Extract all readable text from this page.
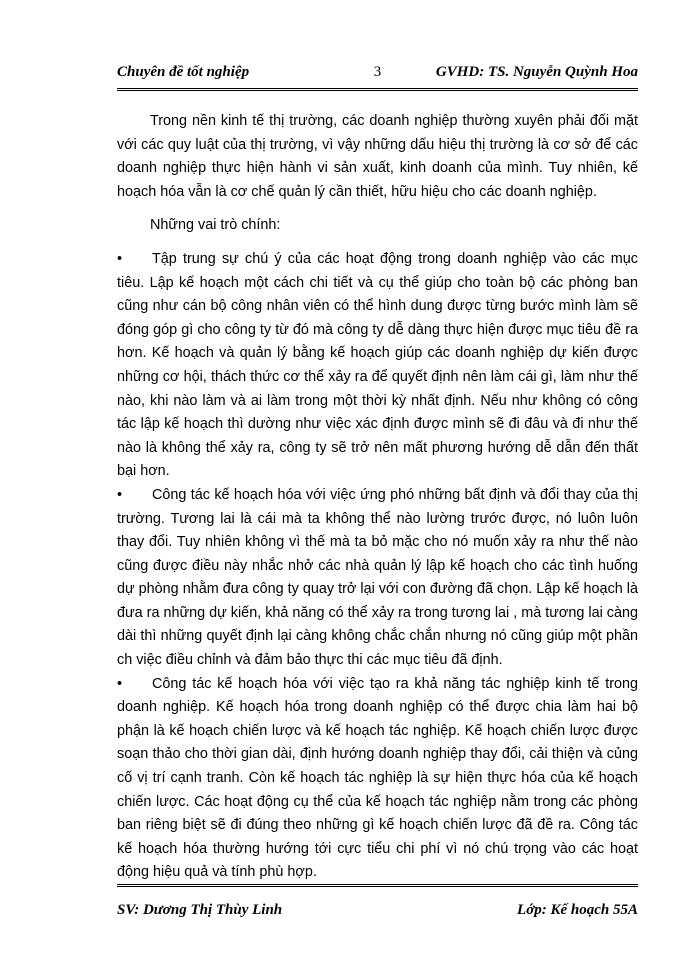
Chuyên đề tốt nghiệp	3	GVHD: TS. Nguyễn Quỳnh Hoa

Trong nền kinh tế thị trường, các doanh nghiệp thường xuyên phải đối mặt với các quy luật của thị trường, vì vậy những dấu hiệu thị trường là cơ sở để các doanh nghiệp thực hiện hành vi sản xuất, kinh doanh của mình. Tuy nhiên, kế hoạch hóa vẫn là cơ chế quản lý cần thiết, hữu hiệu cho các doanh nghiệp.

Những vai trò chính:

• Tập trung sự chú ý của các hoạt động trong doanh nghiệp vào các mục tiêu. Lập kế hoạch một cách chi tiết và cụ thể giúp cho toàn bộ các phòng ban cũng như cán bộ công nhân viên có thể hình dung được từng bước mình làm sẽ đóng góp gì cho công ty từ đó mà công ty dễ dàng thực hiện được mục tiêu đề ra hơn. Kế hoạch và quản lý bằng kế hoạch giúp các doanh nghiệp dự kiến được những cơ hội, thách thức cơ thể xảy ra để quyết định nên làm cái gì, làm như thế nào, khi nào làm và ai làm trong một thời kỳ nhất định. Nếu như không có công tác lập kế hoạch thì dường như việc xác định được mình sẽ đi đâu và đi như thế nào là không thể xảy ra, công ty sẽ trở nên mất phương hướng dễ dẫn đến thất bại hơn.

• Công tác kế hoạch hóa với việc ứng phó những bất định và đổi thay của thị trường. Tương lai là cái mà ta không thể nào lường trước được, nó luôn luôn thay đổi. Tuy nhiên không vì thế mà ta bỏ mặc cho nó muốn xảy ra như thế nào cũng được điều này nhắc nhở các nhà quản lý lập kế hoạch cho các tình huống dự phòng nhằm đưa công ty quay trở lại với con đường đã chọn. Lập kế hoạch là đưa ra những dự kiến, khả năng có thể xảy ra trong tương lai , mà tương lai càng dài thì những quyết định lại càng không chắc chắn nhưng nó cũng giúp một phần ch việc điều chỉnh và đảm bảo thực thi các mục tiêu đã định.

• Công tác kế hoạch hóa với việc tạo ra khả năng tác nghiệp kinh tế trong doanh nghiệp. Kế hoạch hóa trong doanh nghiệp có thể được chia làm hai bộ phận là kế hoạch chiến lược và kế hoạch tác nghiệp. Kế hoạch chiến lược được soạn thảo cho thời gian dài, định hướng doanh nghiệp thay đổi, cải thiện và củng cố vị trí cạnh tranh. Còn kế hoạch tác nghiệp là sự hiện thực hóa của kế hoạch chiến lược. Các hoạt động cụ thể của kế hoạch tác nghiệp nằm trong các phòng ban riêng biệt sẽ đi đúng theo những gì kế hoạch chiến lược đã đề ra. Công tác kế hoạch hóa thường hướng tới cực tiểu chi phí vì nó chú trọng vào các hoạt động hiệu quả và tính phù hợp.

SV: Dương Thị Thùy Linh	Lớp: Kế hoạch 55A
